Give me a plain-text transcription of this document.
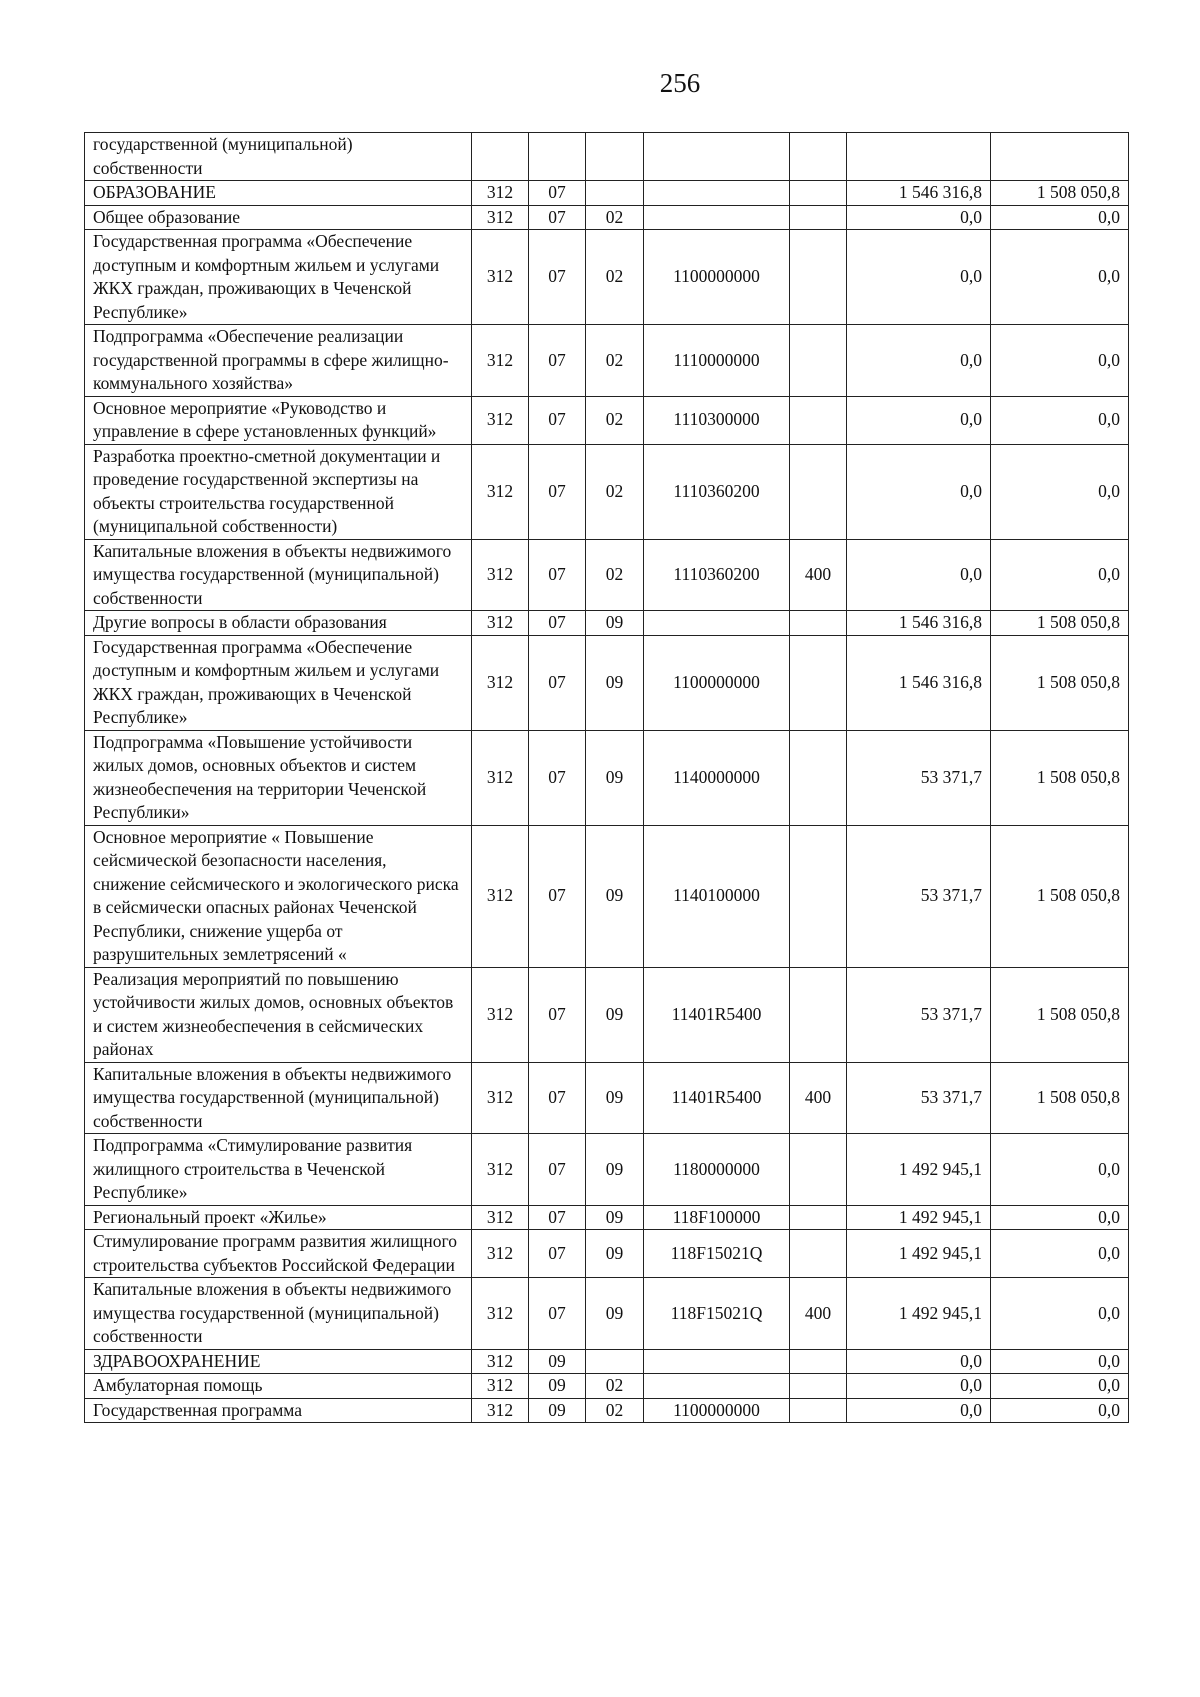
256
государственной (муниципальной) собственности							
ОБРАЗОВАНИЕ	312	07				1 546 316,8	1 508 050,8
Общее образование	312	07	02			0,0	0,0
Государственная программа «Обеспечение доступным и комфортным жильем и услугами ЖКХ граждан, проживающих в Чеченской Республике»	312	07	02	1100000000		0,0	0,0
Подпрограмма «Обеспечение реализации государственной программы в сфере жилищно-коммунального хозяйства»	312	07	02	1110000000		0,0	0,0
Основное мероприятие «Руководство и управление в сфере установленных функций»	312	07	02	1110300000		0,0	0,0
Разработка проектно-сметной документации и проведение государственной экспертизы на объекты строительства государственной (муниципальной собственности)	312	07	02	1110360200		0,0	0,0
Капитальные вложения в объекты недвижимого имущества государственной (муниципальной) собственности	312	07	02	1110360200	400	0,0	0,0
Другие вопросы в области образования	312	07	09			1 546 316,8	1 508 050,8
Государственная программа «Обеспечение доступным и комфортным жильем и услугами ЖКХ граждан, проживающих в Чеченской Республике»	312	07	09	1100000000		1 546 316,8	1 508 050,8
Подпрограмма «Повышение устойчивости жилых домов, основных объектов и систем жизнеобеспечения на территории Чеченской Республики»	312	07	09	1140000000		53 371,7	1 508 050,8
Основное мероприятие « Повышение сейсмической безопасности населения, снижение сейсмического и экологического риска в сейсмически опасных районах Чеченской Республики, снижение ущерба от разрушительных землетрясений «	312	07	09	1140100000		53 371,7	1 508 050,8
Реализация мероприятий по повышению устойчивости жилых домов, основных объектов и систем жизнеобеспечения в сейсмических районах	312	07	09	11401R5400		53 371,7	1 508 050,8
Капитальные вложения в объекты недвижимого имущества государственной (муниципальной) собственности	312	07	09	11401R5400	400	53 371,7	1 508 050,8
Подпрограмма «Стимулирование развития жилищного строительства в Чеченской Республике»	312	07	09	1180000000		1 492 945,1	0,0
Региональный проект «Жилье»	312	07	09	118F100000		1 492 945,1	0,0
Стимулирование программ развития жилищного строительства субъектов Российской Федерации	312	07	09	118F15021Q		1 492 945,1	0,0
Капитальные вложения в объекты недвижимого имущества государственной (муниципальной) собственности	312	07	09	118F15021Q	400	1 492 945,1	0,0
ЗДРАВООХРАНЕНИЕ	312	09				0,0	0,0
Амбулаторная помощь	312	09	02			0,0	0,0
Государственная программа	312	09	02	1100000000		0,0	0,0
